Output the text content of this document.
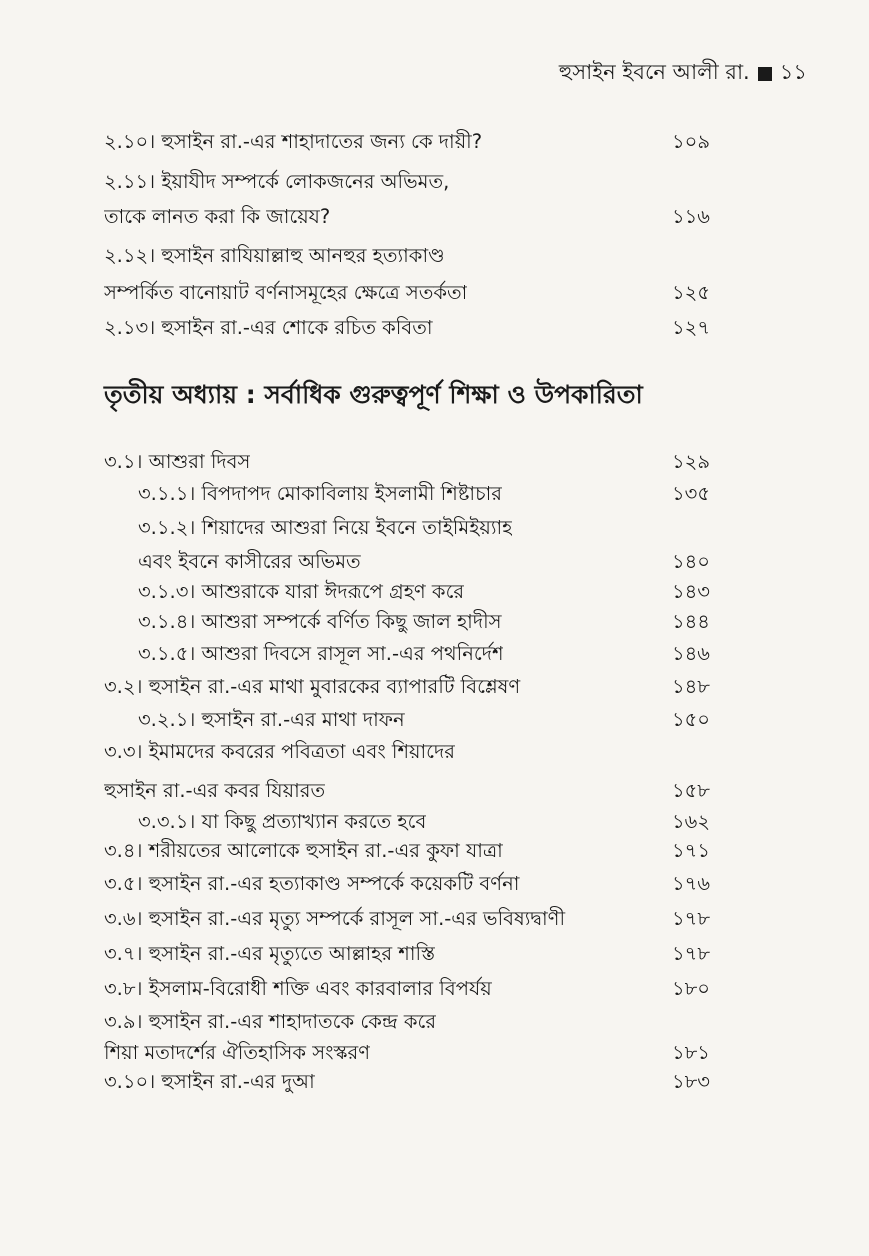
হুসাইন ইবনে আলী রা. ১১
তৃতীয় অধ্যায় : সর্বাধিক গুরুত্বপূর্ণ শিক্ষা ও উপকারিতা
২.১০। হুসাইন রা.-এর শাহাদাতের জন্য কে দায়ী?	১০৯
২.১১। ইয়াযীদ সম্পর্কে লোকজনের অভিমত,
তাকে লানত করা কি জায়েয?	১১৬
২.১২। হুসাইন রাযিয়াল্লাহু আনহুর হত্যাকাণ্ড
সম্পর্কিত বানোয়াট বর্ণনাসমূহের ক্ষেত্রে সতর্কতা	১২৫
২.১৩। হুসাইন রা.-এর শোকে রচিত কবিতা	১২৭
৩.১। আশুরা দিবস	১২৯
৩.১.১। বিপদাপদ মোকাবিলায় ইসলামী শিষ্টাচার	১৩৫
৩.১.২। শিয়াদের আশুরা নিয়ে ইবনে তাইমিইয়্যাহ
এবং ইবনে কাসীরের অভিমত	১৪০
৩.১.৩। আশুরাকে যারা ঈদরূপে গ্রহণ করে	১৪৩
৩.১.৪। আশুরা সম্পর্কে বর্ণিত কিছু জাল হাদীস	১৪৪
৩.১.৫। আশুরা দিবসে রাসূল সা.-এর পথনির্দেশ	১৪৬
৩.২। হুসাইন রা.-এর মাথা মুবারকের ব্যাপারটি বিশ্লেষণ	১৪৮
৩.২.১। হুসাইন রা.-এর মাথা দাফন	১৫০
৩.৩। ইমামদের কবরের পবিত্রতা এবং শিয়াদের
হুসাইন রা.-এর কবর যিয়ারত	১৫৮
৩.৩.১। যা কিছু প্রত্যাখ্যান করতে হবে	১৬২
৩.৪। শরীয়তের আলোকে হুসাইন রা.-এর কুফা যাত্রা	১৭১
৩.৫। হুসাইন রা.-এর হত্যাকাণ্ড সম্পর্কে কয়েকটি বর্ণনা	১৭৬
৩.৬। হুসাইন রা.-এর মৃত্যু সম্পর্কে রাসূল সা.-এর ভবিষ্যদ্বাণী	১৭৮
৩.৭। হুসাইন রা.-এর মৃত্যুতে আল্লাহর শাস্তি	১৭৮
৩.৮। ইসলাম-বিরোধী শক্তি এবং কারবালার বিপর্যয়	১৮০
৩.৯। হুসাইন রা.-এর শাহাদাতকে কেন্দ্র করে
শিয়া মতাদর্শের ঐতিহাসিক সংস্করণ	১৮১
৩.১০। হুসাইন রা.-এর দুআ	১৮৩
